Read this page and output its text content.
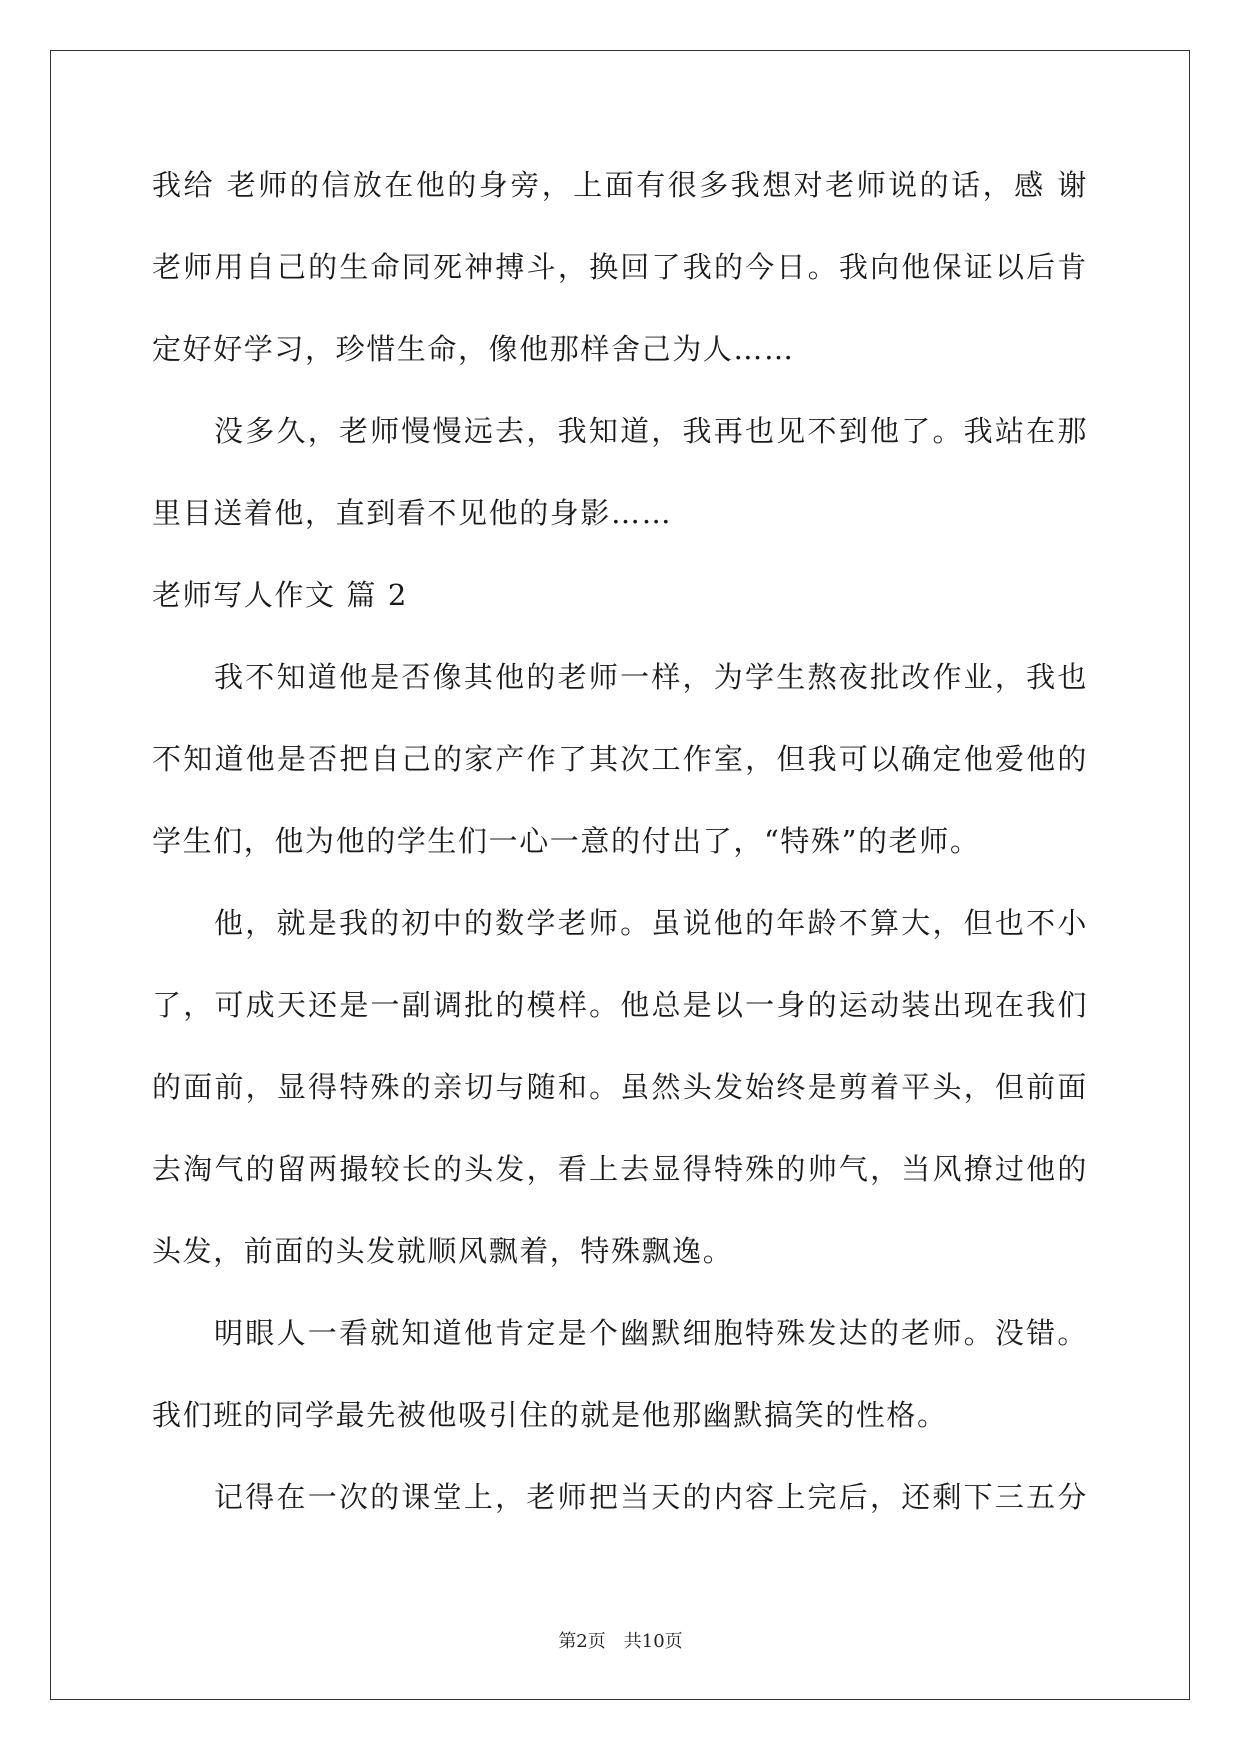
我给 老师的信放在他的身旁，上面有很多我想对老师说的话，感 谢
老师用自己的生命同死神搏斗，换回了我的今日。我向他保证以后肯
定好好学习，珍惜生命，像他那样舍己为人……
没多久，老师慢慢远去，我知道，我再也见不到他了。我站在那
里目送着他，直到看不见他的身影……
老师写人作文 篇 2
我不知道他是否像其他的老师一样，为学生熬夜批改作业，我也
不知道他是否把自己的家产作了其次工作室，但我可以确定他爱他的
学生们，他为他的学生们一心一意的付出了，“特殊”的老师。
他，就是我的初中的数学老师。虽说他的年龄不算大，但也不小
了，可成天还是一副调批的模样。他总是以一身的运动装出现在我们
的面前，显得特殊的亲切与随和。虽然头发始终是剪着平头，但前面
去淘气的留两撮较长的头发，看上去显得特殊的帅气，当风撩过他的
头发，前面的头发就顺风飘着，特殊飘逸。
明眼人一看就知道他肯定是个幽默细胞特殊发达的老师。没错。
我们班的同学最先被他吸引住的就是他那幽默搞笑的性格。
记得在一次的课堂上，老师把当天的内容上完后，还剩下三五分
第2页 共10页
